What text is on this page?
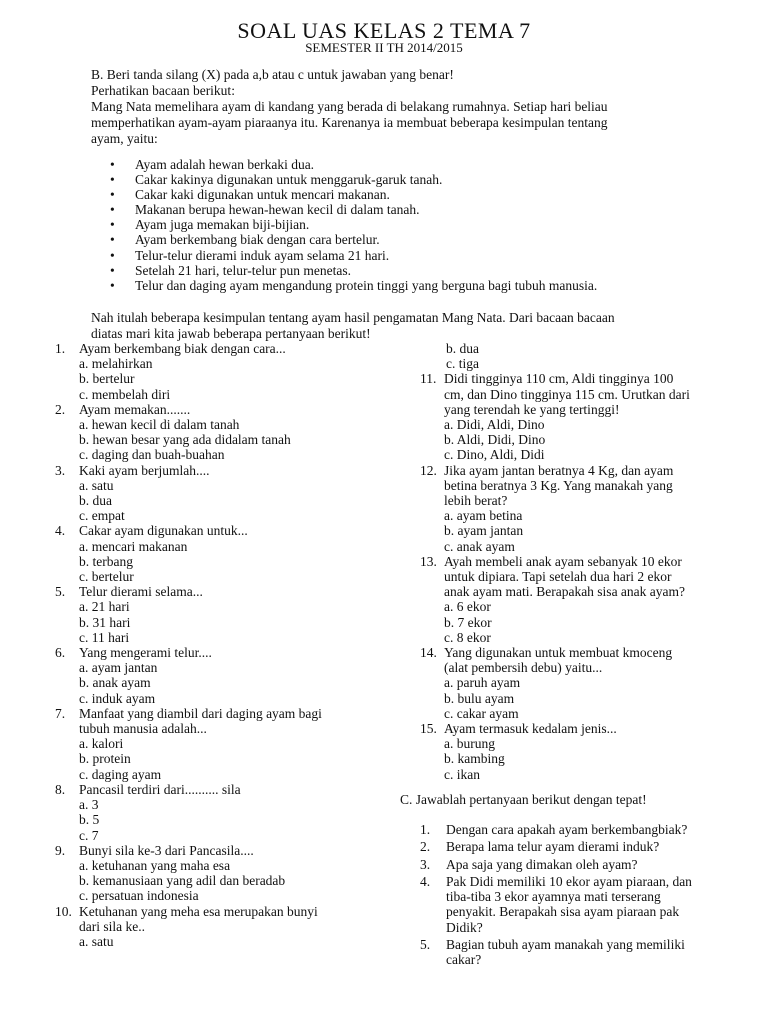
SOAL UAS KELAS 2 TEMA 7
SEMESTER II TH 2014/2015

B. Beri tanda silang (X) pada a,b atau c untuk jawaban yang benar!

Perhatikan bacaan berikut:

Mang Nata memelihara ayam di kandang yang berada di belakang rumahnya. Setiap hari beliau

memperhatikan ayam-ayam piaraanya itu. Karenanya ia membuat beberapa kesimpulan tentang

ayam, yaitu:

• Ayam adalah hewan berkaki dua.
• Cakar kakinya digunakan untuk menggaruk-garuk tanah.
• Cakar kaki digunakan untuk mencari makanan.
• Makanan berupa hewan-hewan kecil di dalam tanah.
• Ayam juga memakan biji-bijian.
• Ayam berkembang biak dengan cara bertelur.
• Telur-telur dierami induk ayam selama 21 hari.
• Setelah 21 hari, telur-telur pun menetas.
• Telur dan daging ayam mengandung protein tinggi yang berguna bagi tubuh manusia.

Nah itulah beberapa kesimpulan tentang ayam hasil pengamatan Mang Nata. Dari bacaan bacaan

diatas mari kita jawab beberapa pertanyaan berikut!

1.	Ayam berkembang biak dengan cara...
a. melahirkan
b. bertelur
c. membelah diri
2.	Ayam memakan.......
a. hewan kecil di dalam tanah
b. hewan besar yang ada didalam tanah
c. daging dan buah-buahan
3.	Kaki ayam berjumlah....
a. satu
b. dua
c. empat
4.	Cakar ayam digunakan untuk...
a. mencari makanan
b. terbang
c. bertelur
5.	Telur dierami selama...
a. 21 hari
b. 31 hari
c. 11 hari
6.	Yang mengerami telur....
a. ayam jantan
b. anak ayam
c. induk ayam
7.	Manfaat yang diambil dari daging ayam bagi
tubuh manusia adalah...
a. kalori
b. protein
c. daging ayam
8.	Pancasil terdiri dari.......... sila
a. 3
b. 5
c. 7
9.	Bunyi sila ke-3 dari Pancasila....
a. ketuhanan yang maha esa
b. kemanusiaan yang adil dan beradab
c. persatuan indonesia
10. Ketuhanan yang meha esa merupakan bunyi
dari sila ke..
a. satu
b. dua
c. tiga
11. Didi tingginya 110 cm, Aldi tingginya 100
cm, dan Dino tingginya 115 cm. Urutkan dari
yang terendah ke yang tertinggi!
a. Didi, Aldi, Dino
b. Aldi, Didi, Dino
c. Dino, Aldi, Didi
12. Jika ayam jantan beratnya 4 Kg, dan ayam
betina beratnya 3 Kg. Yang manakah yang
lebih berat?
a. ayam betina
b. ayam jantan
c. anak ayam
13. Ayah membeli anak ayam sebanyak 10 ekor
untuk dipiara. Tapi setelah dua hari 2 ekor
anak ayam mati. Berapakah sisa anak ayam?
a. 6 ekor
b. 7 ekor
c. 8 ekor
14. Yang digunakan untuk membuat kmoceng
(alat pembersih debu) yaitu...
a. paruh ayam
b. bulu ayam
c. cakar ayam
15. Ayam termasuk kedalam jenis...
a. burung
b. kambing
c. ikan
C. Jawablah pertanyaan berikut dengan tepat!
1.	Dengan cara apakah ayam berkembangbiak?
2.	Berapa lama telur ayam dierami induk?
3.	Apa saja yang dimakan oleh ayam?
4.	Pak Didi memiliki 10 ekor ayam piaraan, dan
tiba-tiba 3 ekor ayamnya mati terserang
penyakit. Berapakah sisa ayam piaraan pak
Didik?
5.	Bagian tubuh ayam manakah yang memiliki
cakar?
